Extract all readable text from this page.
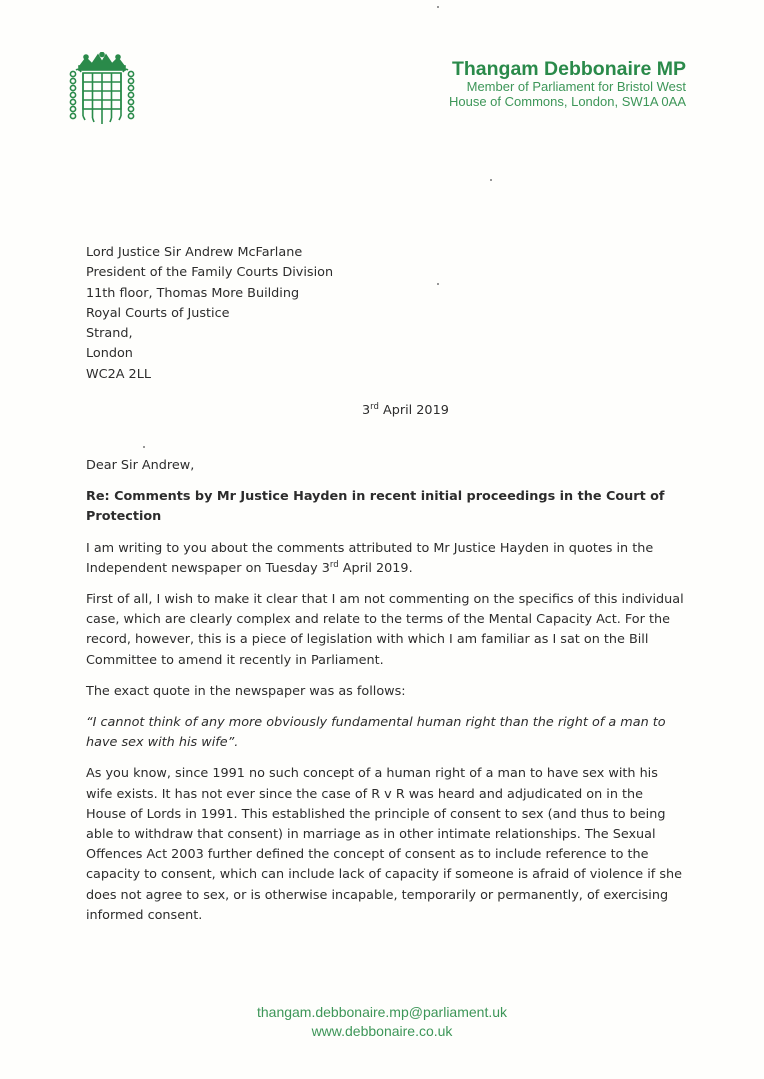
Thangam Debbonaire MP
Member of Parliament for Bristol West
House of Commons, London, SW1A 0AA
Lord Justice Sir Andrew McFarlane
President of the Family Courts Division
11th floor, Thomas More Building
Royal Courts of Justice
Strand,
London
WC2A 2LL
3rd April 2019

Dear Sir Andrew,

Re: Comments by Mr Justice Hayden in recent initial proceedings in the Court of Protection

I am writing to you about the comments attributed to Mr Justice Hayden in quotes in the Independent newspaper on Tuesday 3rd April 2019.

First of all, I wish to make it clear that I am not commenting on the specifics of this individual case, which are clearly complex and relate to the terms of the Mental Capacity Act. For the record, however, this is a piece of legislation with which I am familiar as I sat on the Bill Committee to amend it recently in Parliament.

The exact quote in the newspaper was as follows:

“I cannot think of any more obviously fundamental human right than the right of a man to have sex with his wife”.

As you know, since 1991 no such concept of a human right of a man to have sex with his wife exists. It has not ever since the case of R v R was heard and adjudicated on in the House of Lords in 1991. This established the principle of consent to sex (and thus to being able to withdraw that consent) in marriage as in other intimate relationships. The Sexual Offences Act 2003 further defined the concept of consent as to include reference to the capacity to consent, which can include lack of capacity if someone is afraid of violence if she does not agree to sex, or is otherwise incapable, temporarily or permanently, of exercising informed consent.

thangam.debbonaire.mp@parliament.uk
www.debbonaire.co.uk
